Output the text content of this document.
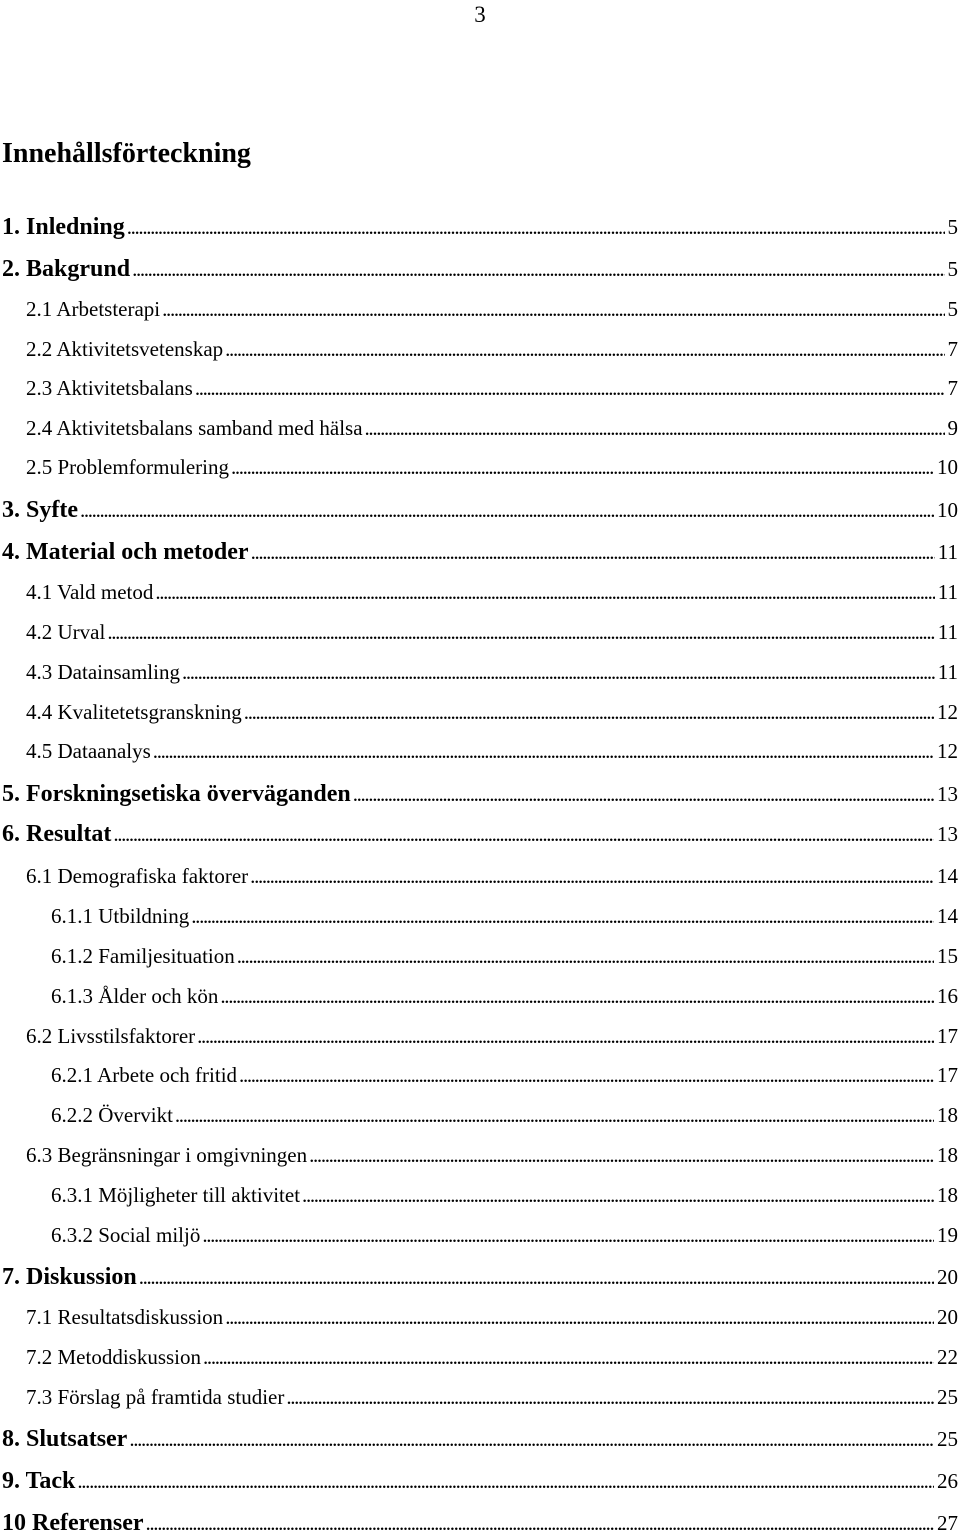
3
Innehållsförteckning
1. Inledning . . .	5
2. Bakgrund . . .	5
2.1 Arbetsterapi . . .	5
2.2 Aktivitetsvetenskap . . .	7
2.3 Aktivitetsbalans . . .	7
2.4 Aktivitetsbalans samband med hälsa . . .	9
2.5 Problemformulering . . .	10
3. Syfte . . .	10
4. Material och metoder . . .	11
4.1 Vald metod . . .	11
4.2 Urval . . .	11
4.3 Datainsamling . . .	11
4.4 Kvalitetetsgranskning . . .	12
4.5 Dataanalys . . .	12
5. Forskningsetiska överväganden . . .	13
6. Resultat . . .	13
6.1 Demografiska faktorer . . .	14
6.1.1 Utbildning . . .	14
6.1.2 Familjesituation . . .	15
6.1.3 Ålder och kön . . .	16
6.2 Livsstilsfaktorer . . .	17
6.2.1 Arbete och fritid . . .	17
6.2.2 Övervikt . . .	18
6.3 Begränsningar i omgivningen . . .	18
6.3.1 Möjligheter till aktivitet . . .	18
6.3.2 Social miljö . . .	19
7. Diskussion . . .	20
7.1 Resultatsdiskussion . . .	20
7.2 Metoddiskussion . . .	22
7.3 Förslag på framtida studier . . .	25
8. Slutsatser . . .	25
9. Tack . . .	26
10 Referenser . . .	27
